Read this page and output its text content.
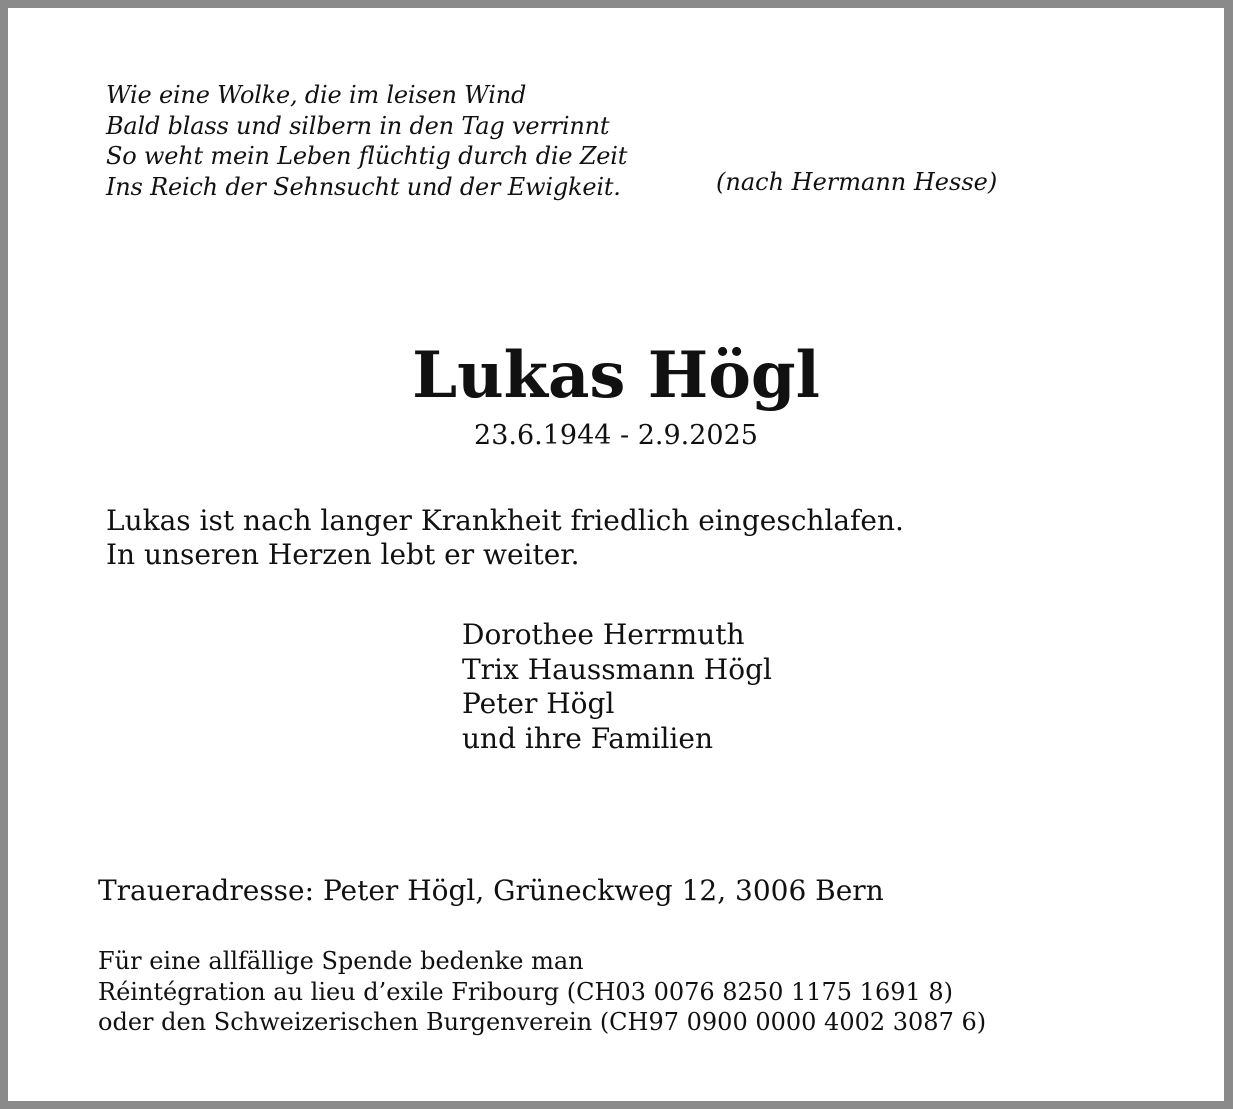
Wie eine Wolke, die im leisen Wind
Bald blass und silbern in den Tag verrinnt
So weht mein Leben flüchtig durch die Zeit
Ins Reich der Sehnsucht und der Ewigkeit.	(nach Hermann Hesse)
Lukas Högl
23.6.1944 - 2.9.2025
Lukas ist nach langer Krankheit friedlich eingeschlafen.
In unseren Herzen lebt er weiter.
Dorothee Herrmuth
Trix Haussmann Högl
Peter Högl
und ihre Familien
Traueradresse: Peter Högl, Grüneckweg 12, 3006 Bern
Für eine allfällige Spende bedenke man
Réintégration au lieu d’exile Fribourg (CH03 0076 8250 1175 1691 8)
oder den Schweizerischen Burgenverein (CH97 0900 0000 4002 3087 6)
